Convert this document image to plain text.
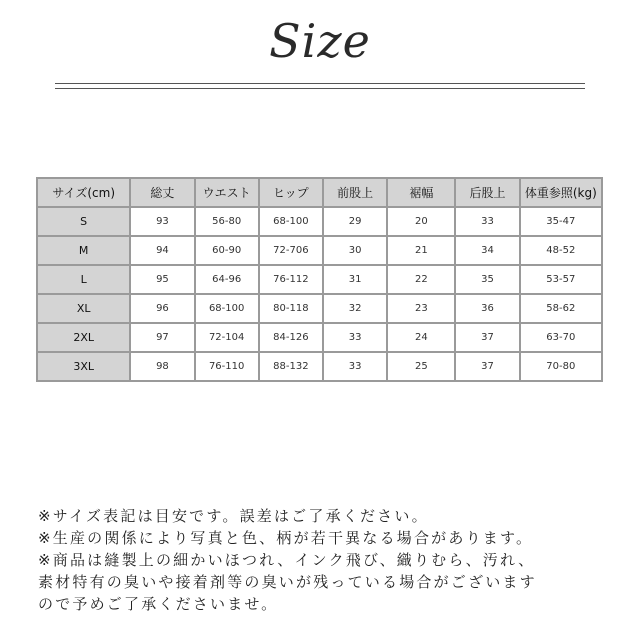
Size
サイズ(cm)	総丈	ウエスト	ヒップ	前股上	裾幅	后股上	体重参照(kg)
S	93	56-80	68-100	29	20	33	35-47
M	94	60-90	72-706	30	21	34	48-52
L	95	64-96	76-112	31	22	35	53-57
XL	96	68-100	80-118	32	23	36	58-62
2XL	97	72-104	84-126	33	24	37	63-70
3XL	98	76-110	88-132	33	25	37	70-80
※サイズ表記は目安です。誤差はご了承ください。
※生産の関係により写真と色、柄が若干異なる場合があります。
※商品は縫製上の細かいほつれ、インク飛び、織りむら、汚れ、
素材特有の臭いや接着剤等の臭いが残っている場合がございます
ので予めご了承くださいませ。
